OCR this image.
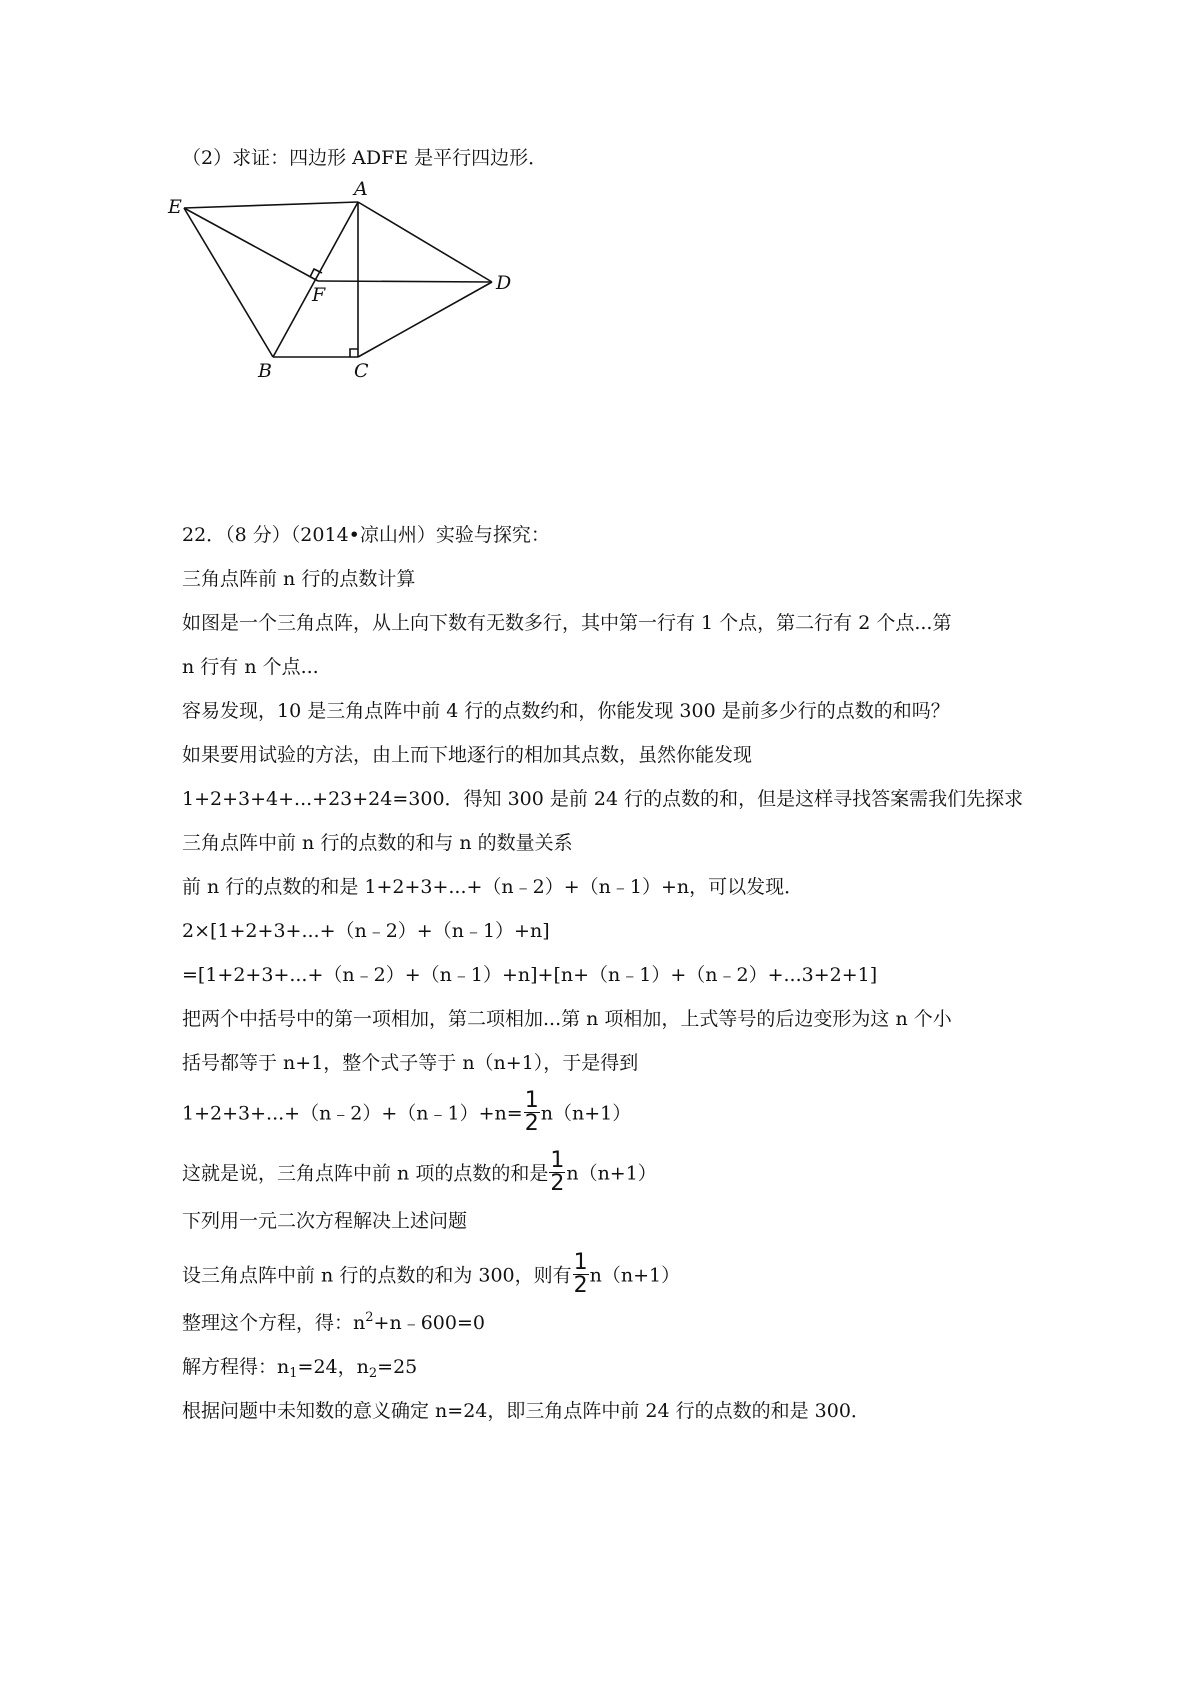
（2）求证：四边形 ADFE 是平行四边形．
E
A
D
F
B	C
22．（8 分）（2014•凉山州）实验与探究：
三角点阵前 n 行的点数计算
如图是一个三角点阵，从上向下数有无数多行，其中第一行有 1 个点，第二行有 2 个点...第
n 行有 n 个点...
容易发现，10 是三角点阵中前 4 行的点数约和，你能发现 300 是前多少行的点数的和吗？
如果要用试验的方法，由上而下地逐行的相加其点数，虽然你能发现
1+2+3+4+...+23+24=300．得知 300 是前 24 行的点数的和，但是这样寻找答案需我们先探求
三角点阵中前 n 行的点数的和与 n 的数量关系
前 n 行的点数的和是 1+2+3+...+（n﹣2）+（n﹣1）+n，可以发现．
2×[1+2+3+...+（n﹣2）+（n﹣1）+n]
=[1+2+3+...+（n﹣2）+（n﹣1）+n]+[n+（n﹣1）+（n﹣2）+...3+2+1]
把两个中括号中的第一项相加，第二项相加...第 n 项相加，上式等号的后边变形为这 n 个小
括号都等于 n+1，整个式子等于 n（n+1），于是得到
1+2+3+...+（n﹣2）+（n﹣1）+n= $\frac{1}{2} n(n+1)$
这就是说，三角点阵中前 n 项的点数的和是 $\frac{1}{2} n(n+1)$
下列用一元二次方程解决上述问题
设三角点阵中前 n 行的点数的和为 300，则有 $\frac{1}{2} n(n+1)$
整理这个方程，得：$n^2+n﹣600=0$
解方程得：$n_1=24$，$n_2=25$
根据问题中未知数的意义确定 n=24，即三角点阵中前 24 行的点数的和是 300．
